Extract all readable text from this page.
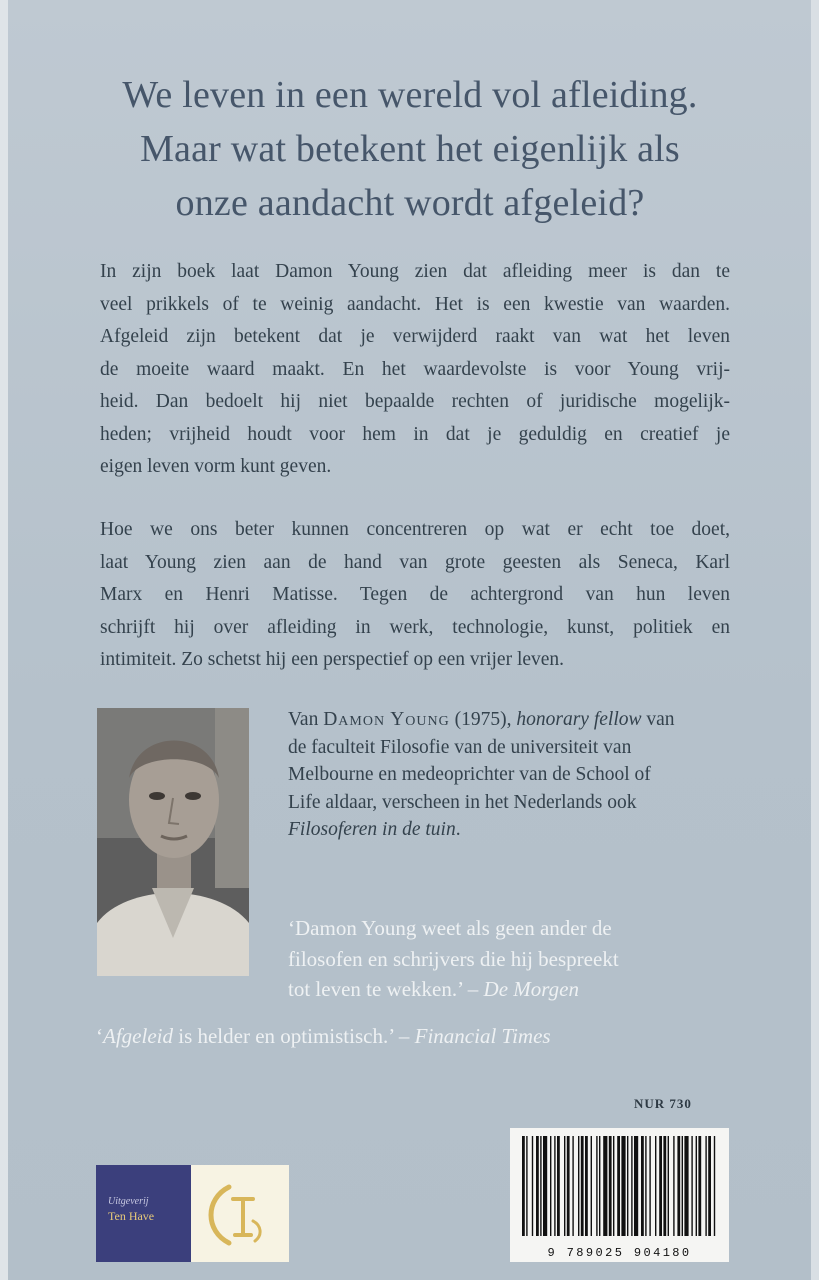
We leven in een wereld vol afleiding.
Maar wat betekent het eigenlijk als
onze aandacht wordt afgeleid?
In zijn boek laat Damon Young zien dat afleiding meer is dan te
veel prikkels of te weinig aandacht. Het is een kwestie van waarden.
Afgeleid zijn betekent dat je verwijderd raakt van wat het leven
de moeite waard maakt. En het waardevolste is voor Young vrij-
heid. Dan bedoelt hij niet bepaalde rechten of juridische mogelijk-
heden; vrijheid houdt voor hem in dat je geduldig en creatief je
eigen leven vorm kunt geven.
Hoe we ons beter kunnen concentreren op wat er echt toe doet,
laat Young zien aan de hand van grote geesten als Seneca, Karl
Marx en Henri Matisse. Tegen de achtergrond van hun leven
schrijft hij over afleiding in werk, technologie, kunst, politiek en
intimiteit. Zo schetst hij een perspectief op een vrijer leven.
Van Damon Young (1975), honorary fellow van
de faculteit Filosofie van de universiteit van
Melbourne en medeoprichter van de School of
Life aldaar, verscheen in het Nederlands ook
Filosoferen in de tuin.
‘Damon Young weet als geen ander de
filosofen en schrijvers die hij bespreekt
tot leven te wekken.’ – De Morgen
‘Afgeleid is helder en optimistisch.’ – Financial Times
NUR 730
9 789025 904180
Uitgeverij
Ten Have
